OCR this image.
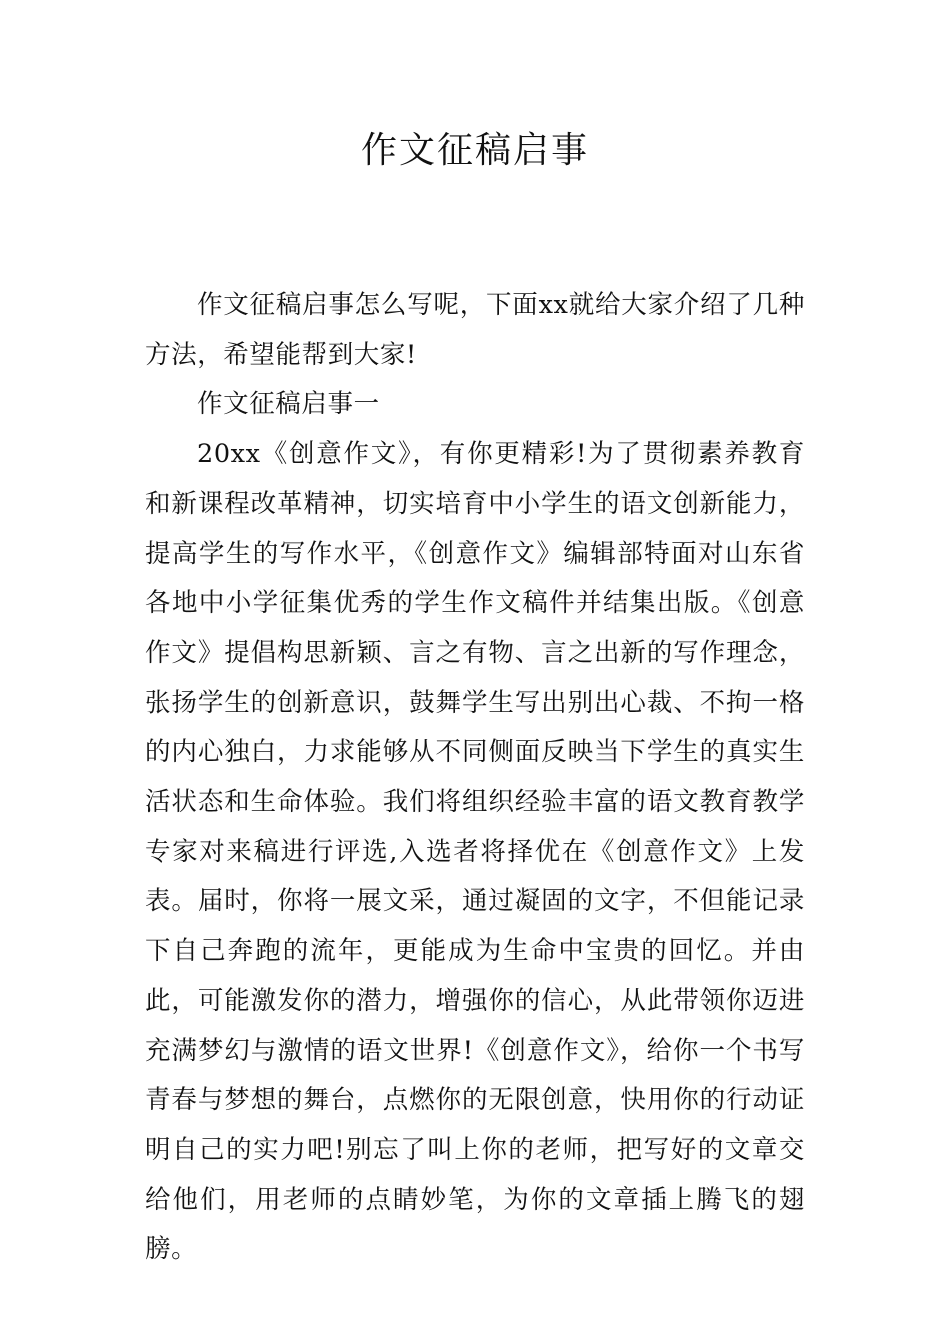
作文征稿启事

作文征稿启事怎么写呢，下面xx就给大家介绍了几种方法，希望能帮到大家!

作文征稿启事一

20xx《创意作文》，有你更精彩!为了贯彻素养教育和新课程改革精神，切实培育中小学生的语文创新能力，提高学生的写作水平，《创意作文》编辑部特面对山东省各地中小学征集优秀的学生作文稿件并结集出版。《创意作文》提倡构思新颖、言之有物、言之出新的写作理念，张扬学生的创新意识，鼓舞学生写出别出心裁、不拘一格的内心独白，力求能够从不同侧面反映当下学生的真实生活状态和生命体验。我们将组织经验丰富的语文教育教学专家对来稿进行评选,入选者将择优在《创意作文》上发表。届时，你将一展文采，通过凝固的文字，不但能记录下自己奔跑的流年，更能成为生命中宝贵的回忆。并由此，可能激发你的潜力，增强你的信心，从此带领你迈进充满梦幻与激情的语文世界!《创意作文》，给你一个书写青春与梦想的舞台，点燃你的无限创意，快用你的行动证明自己的实力吧!别忘了叫上你的老师，把写好的文章交给他们，用老师的点睛妙笔，为你的文章插上腾飞的翅膀。
